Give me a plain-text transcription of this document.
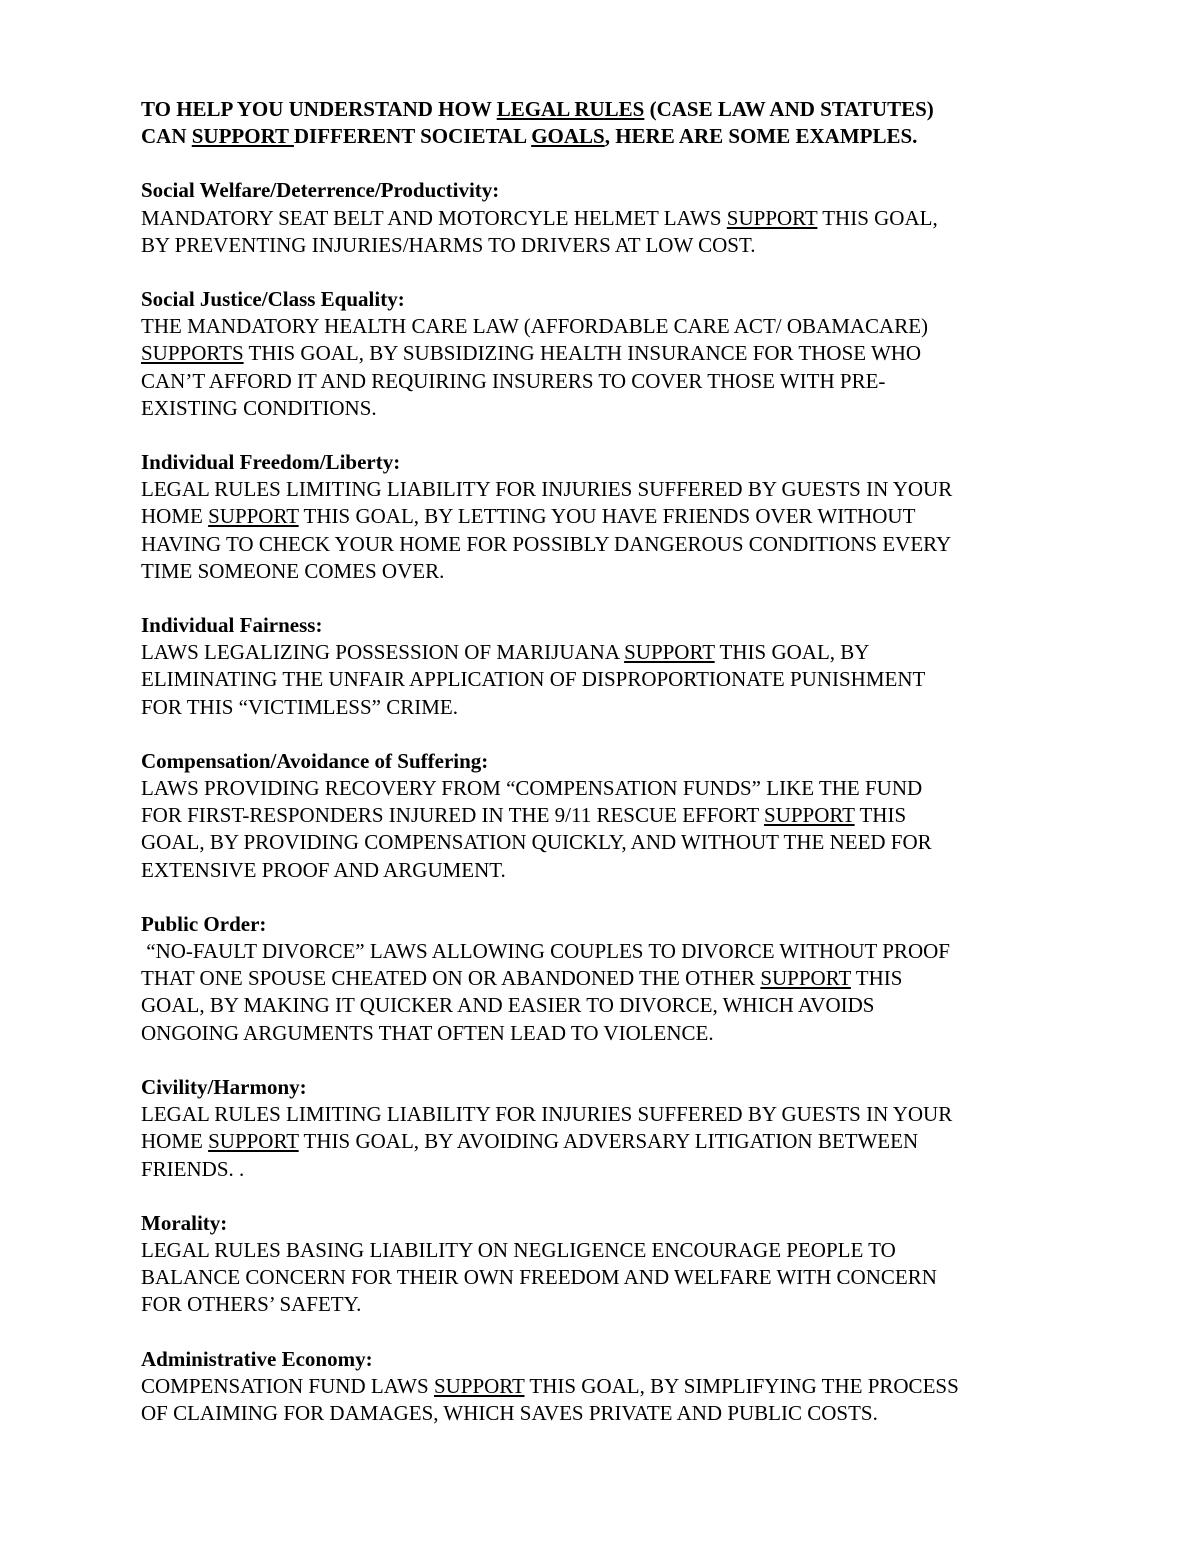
TO HELP YOU UNDERSTAND HOW LEGAL RULES (CASE LAW AND STATUTES)
CAN SUPPORT DIFFERENT SOCIETAL GOALS, HERE ARE SOME EXAMPLES.
Social Welfare/Deterrence/Productivity:
MANDATORY SEAT BELT AND MOTORCYLE HELMET LAWS SUPPORT THIS GOAL,
BY PREVENTING INJURIES/HARMS TO DRIVERS AT LOW COST.
Social Justice/Class Equality:
THE MANDATORY HEALTH CARE LAW (AFFORDABLE CARE ACT/ OBAMACARE)
SUPPORTS THIS GOAL, BY SUBSIDIZING HEALTH INSURANCE FOR THOSE WHO
CAN’T AFFORD IT AND REQUIRING INSURERS TO COVER THOSE WITH PRE-
EXISTING CONDITIONS.
Individual Freedom/Liberty:
LEGAL RULES LIMITING LIABILITY FOR INJURIES SUFFERED BY GUESTS IN YOUR
HOME SUPPORT THIS GOAL, BY LETTING YOU HAVE FRIENDS OVER WITHOUT
HAVING TO CHECK YOUR HOME FOR POSSIBLY DANGEROUS CONDITIONS EVERY
TIME SOMEONE COMES OVER.
Individual Fairness:
LAWS LEGALIZING POSSESSION OF MARIJUANA SUPPORT THIS GOAL, BY
ELIMINATING THE UNFAIR APPLICATION OF DISPROPORTIONATE PUNISHMENT
FOR THIS “VICTIMLESS” CRIME.
Compensation/Avoidance of Suffering:
LAWS PROVIDING RECOVERY FROM “COMPENSATION FUNDS” LIKE THE FUND
FOR FIRST-RESPONDERS INJURED IN THE 9/11 RESCUE EFFORT SUPPORT THIS
GOAL, BY PROVIDING COMPENSATION QUICKLY, AND WITHOUT THE NEED FOR
EXTENSIVE PROOF AND ARGUMENT.
Public Order:
“NO-FAULT DIVORCE” LAWS ALLOWING COUPLES TO DIVORCE WITHOUT PROOF
THAT ONE SPOUSE CHEATED ON OR ABANDONED THE OTHER SUPPORT THIS
GOAL, BY MAKING IT QUICKER AND EASIER TO DIVORCE, WHICH AVOIDS
ONGOING ARGUMENTS THAT OFTEN LEAD TO VIOLENCE.
Civility/Harmony:
LEGAL RULES LIMITING LIABILITY FOR INJURIES SUFFERED BY GUESTS IN YOUR
HOME SUPPORT THIS GOAL, BY AVOIDING ADVERSARY LITIGATION BETWEEN
FRIENDS. .
Morality:
LEGAL RULES BASING LIABILITY ON NEGLIGENCE ENCOURAGE PEOPLE TO
BALANCE CONCERN FOR THEIR OWN FREEDOM AND WELFARE WITH CONCERN
FOR OTHERS’ SAFETY.
Administrative Economy:
COMPENSATION FUND LAWS SUPPORT THIS GOAL, BY SIMPLIFYING THE PROCESS
OF CLAIMING FOR DAMAGES, WHICH SAVES PRIVATE AND PUBLIC COSTS.
